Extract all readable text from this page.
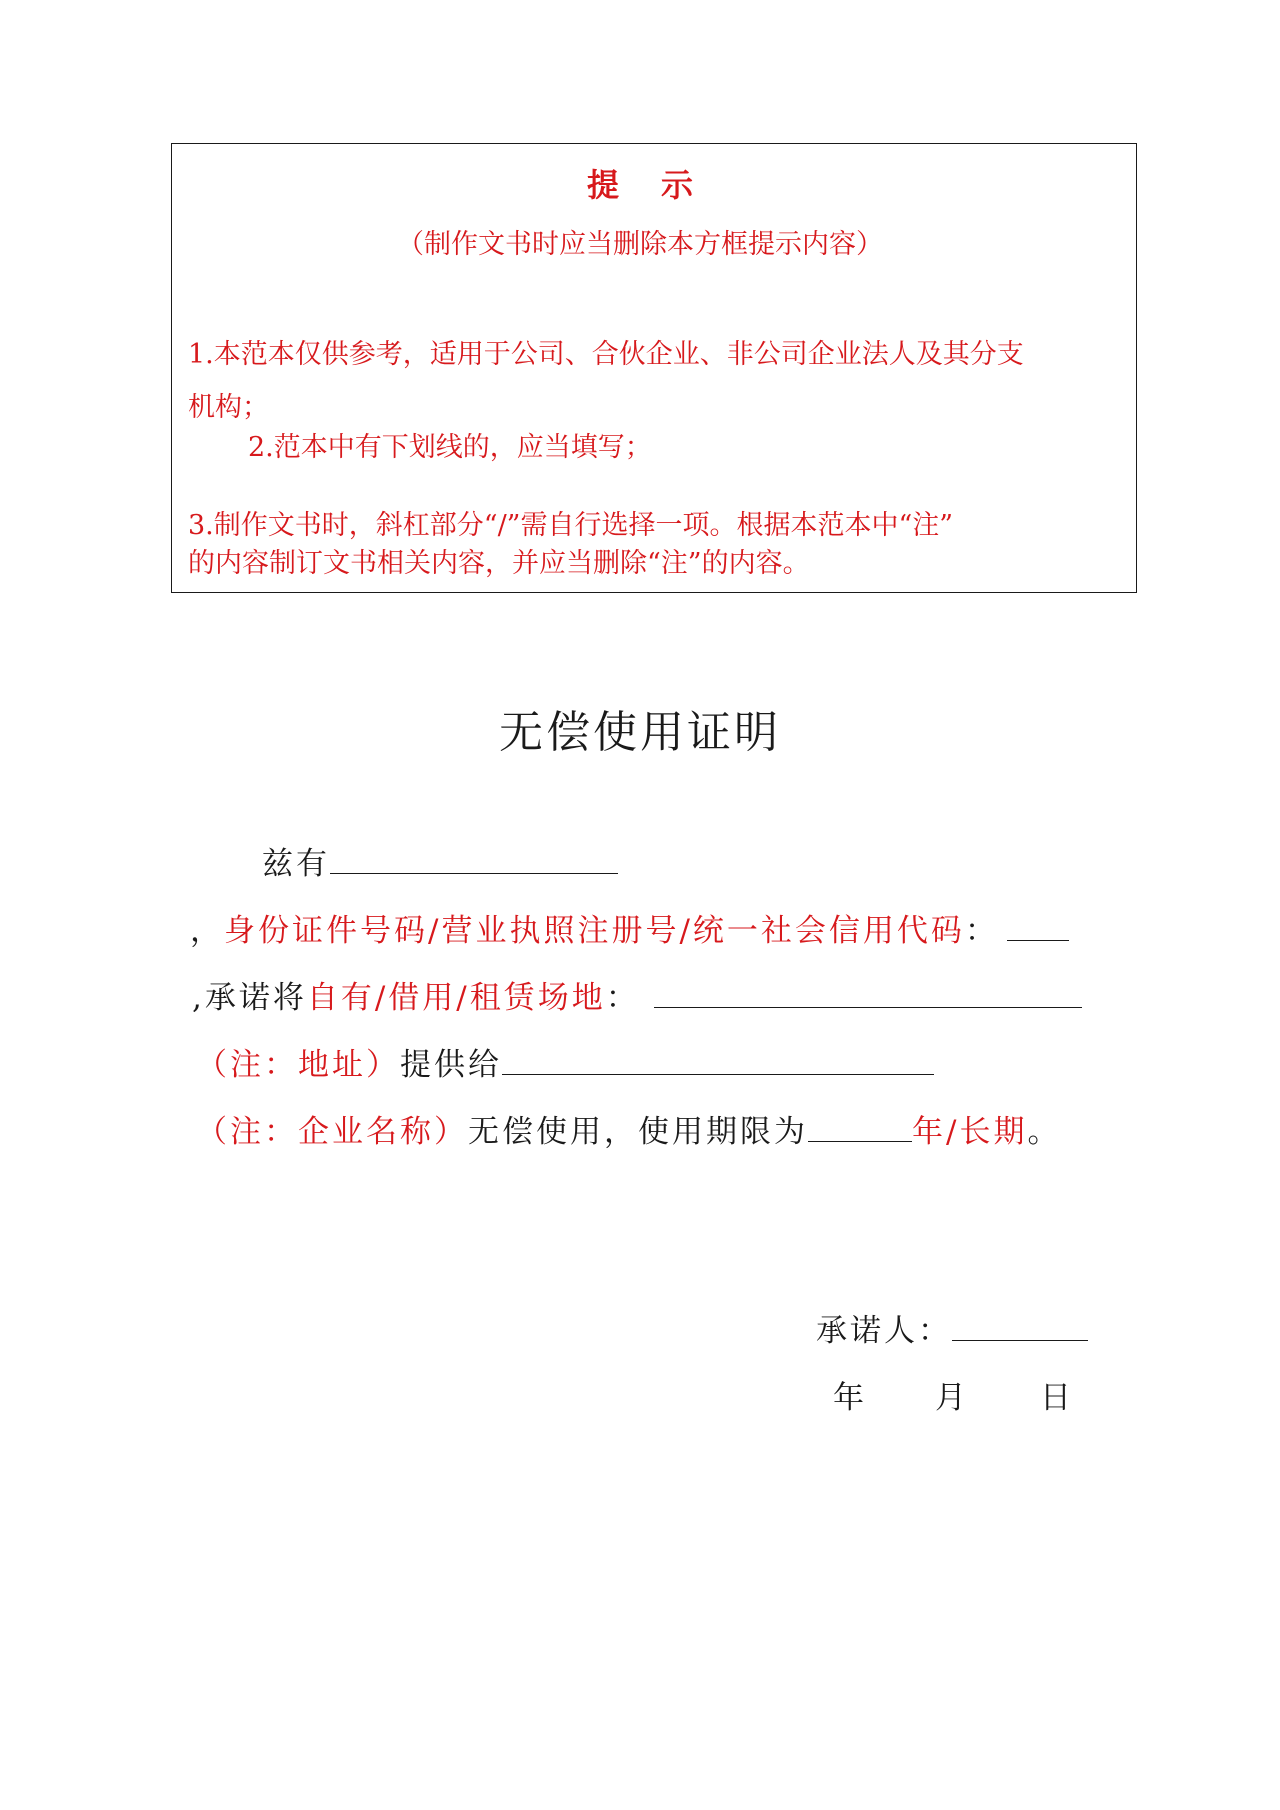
提示
（制作文书时应当删除本方框提示内容）
1.本范本仅供参考，适用于公司、合伙企业、非公司企业法人及其分支
机构；
2.范本中有下划线的，应当填写；
3.制作文书时，斜杠部分“/”需自行选择一项。根据本范本中“注”
的内容制订文书相关内容，并应当删除“注”的内容。
无偿使用证明
兹有
，身份证件号码/营业执照注册号/统一社会信用代码：
,承诺将自有/借用/租赁场地：
（注：地址）提供给
（注：企业名称）无偿使用，使用期限为	年/长期。
承诺人：
年 月 日
